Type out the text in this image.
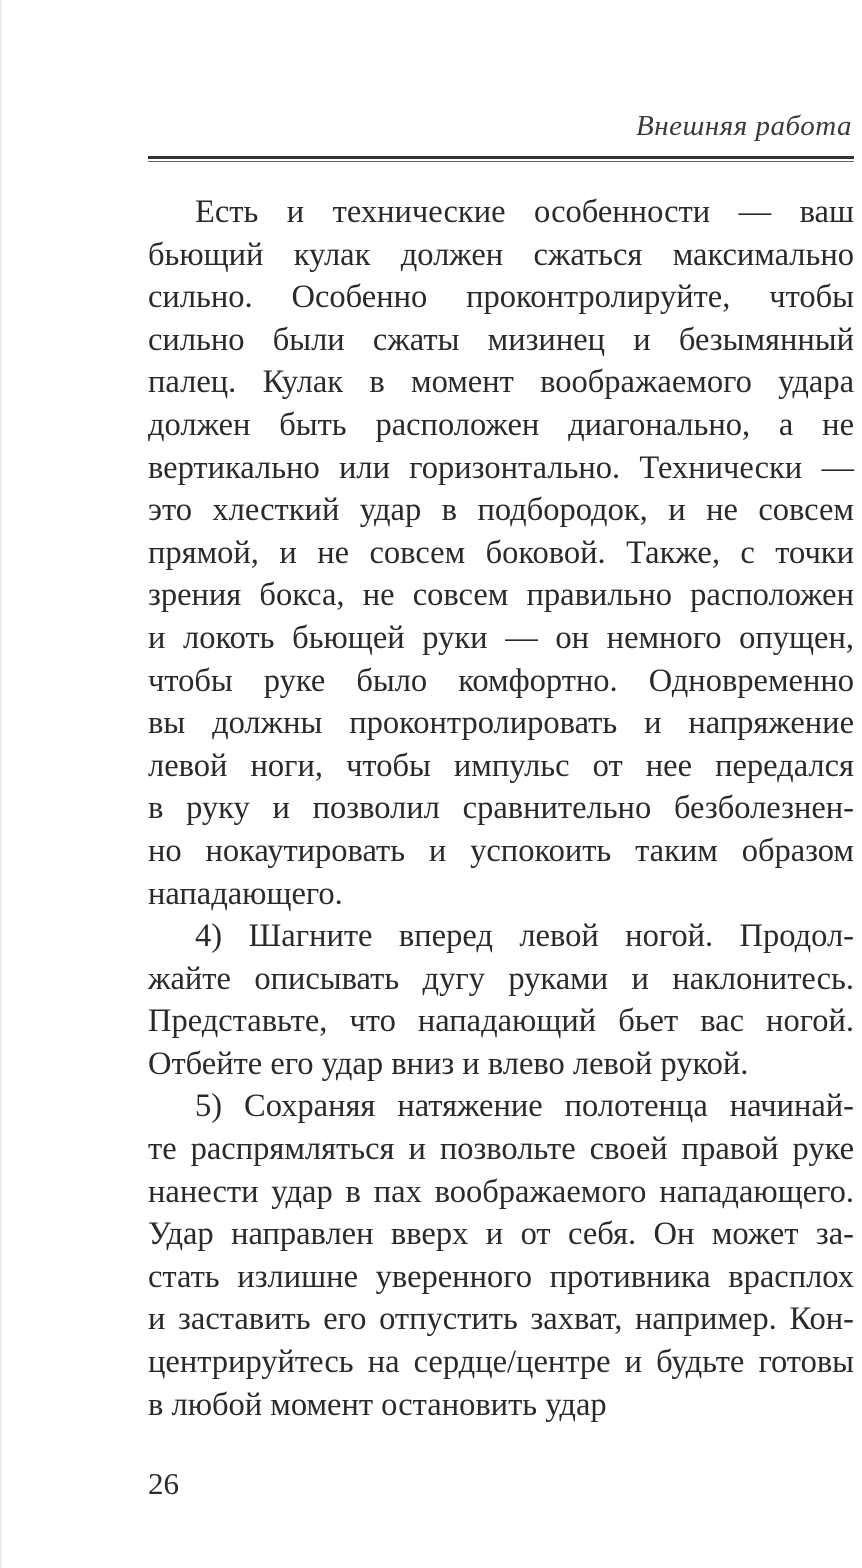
Внешняя работа
Есть и технические особенности — ваш
бьющий кулак должен сжаться максимально
сильно. Особенно проконтролируйте, чтобы
сильно были сжаты мизинец и безымянный
палец. Кулак в момент воображаемого удара
должен быть расположен диагонально, а не
вертикально или горизонтально. Технически —
это хлесткий удар в подбородок, и не совсем
прямой, и не совсем боковой. Также, с точки
зрения бокса, не совсем правильно расположен
и локоть бьющей руки — он немного опущен,
чтобы руке было комфортно. Одновременно
вы должны проконтролировать и напряжение
левой ноги, чтобы импульс от нее передался
в руку и позволил сравнительно безболезнен-
но нокаутировать и успокоить таким образом
нападающего.
4) Шагните вперед левой ногой. Продол-
жайте описывать дугу руками и наклонитесь.
Представьте, что нападающий бьет вас ногой.
Отбейте его удар вниз и влево левой рукой.
5) Сохраняя натяжение полотенца начинай-
те распрямляться и позвольте своей правой руке
нанести удар в пах воображаемого нападающего.
Удар направлен вверх и от себя. Он может за-
стать излишне уверенного противника врасплох
и заставить его отпустить захват, например. Кон-
центрируйтесь на сердце/центре и будьте готовы
в любой момент остановить удар
26
